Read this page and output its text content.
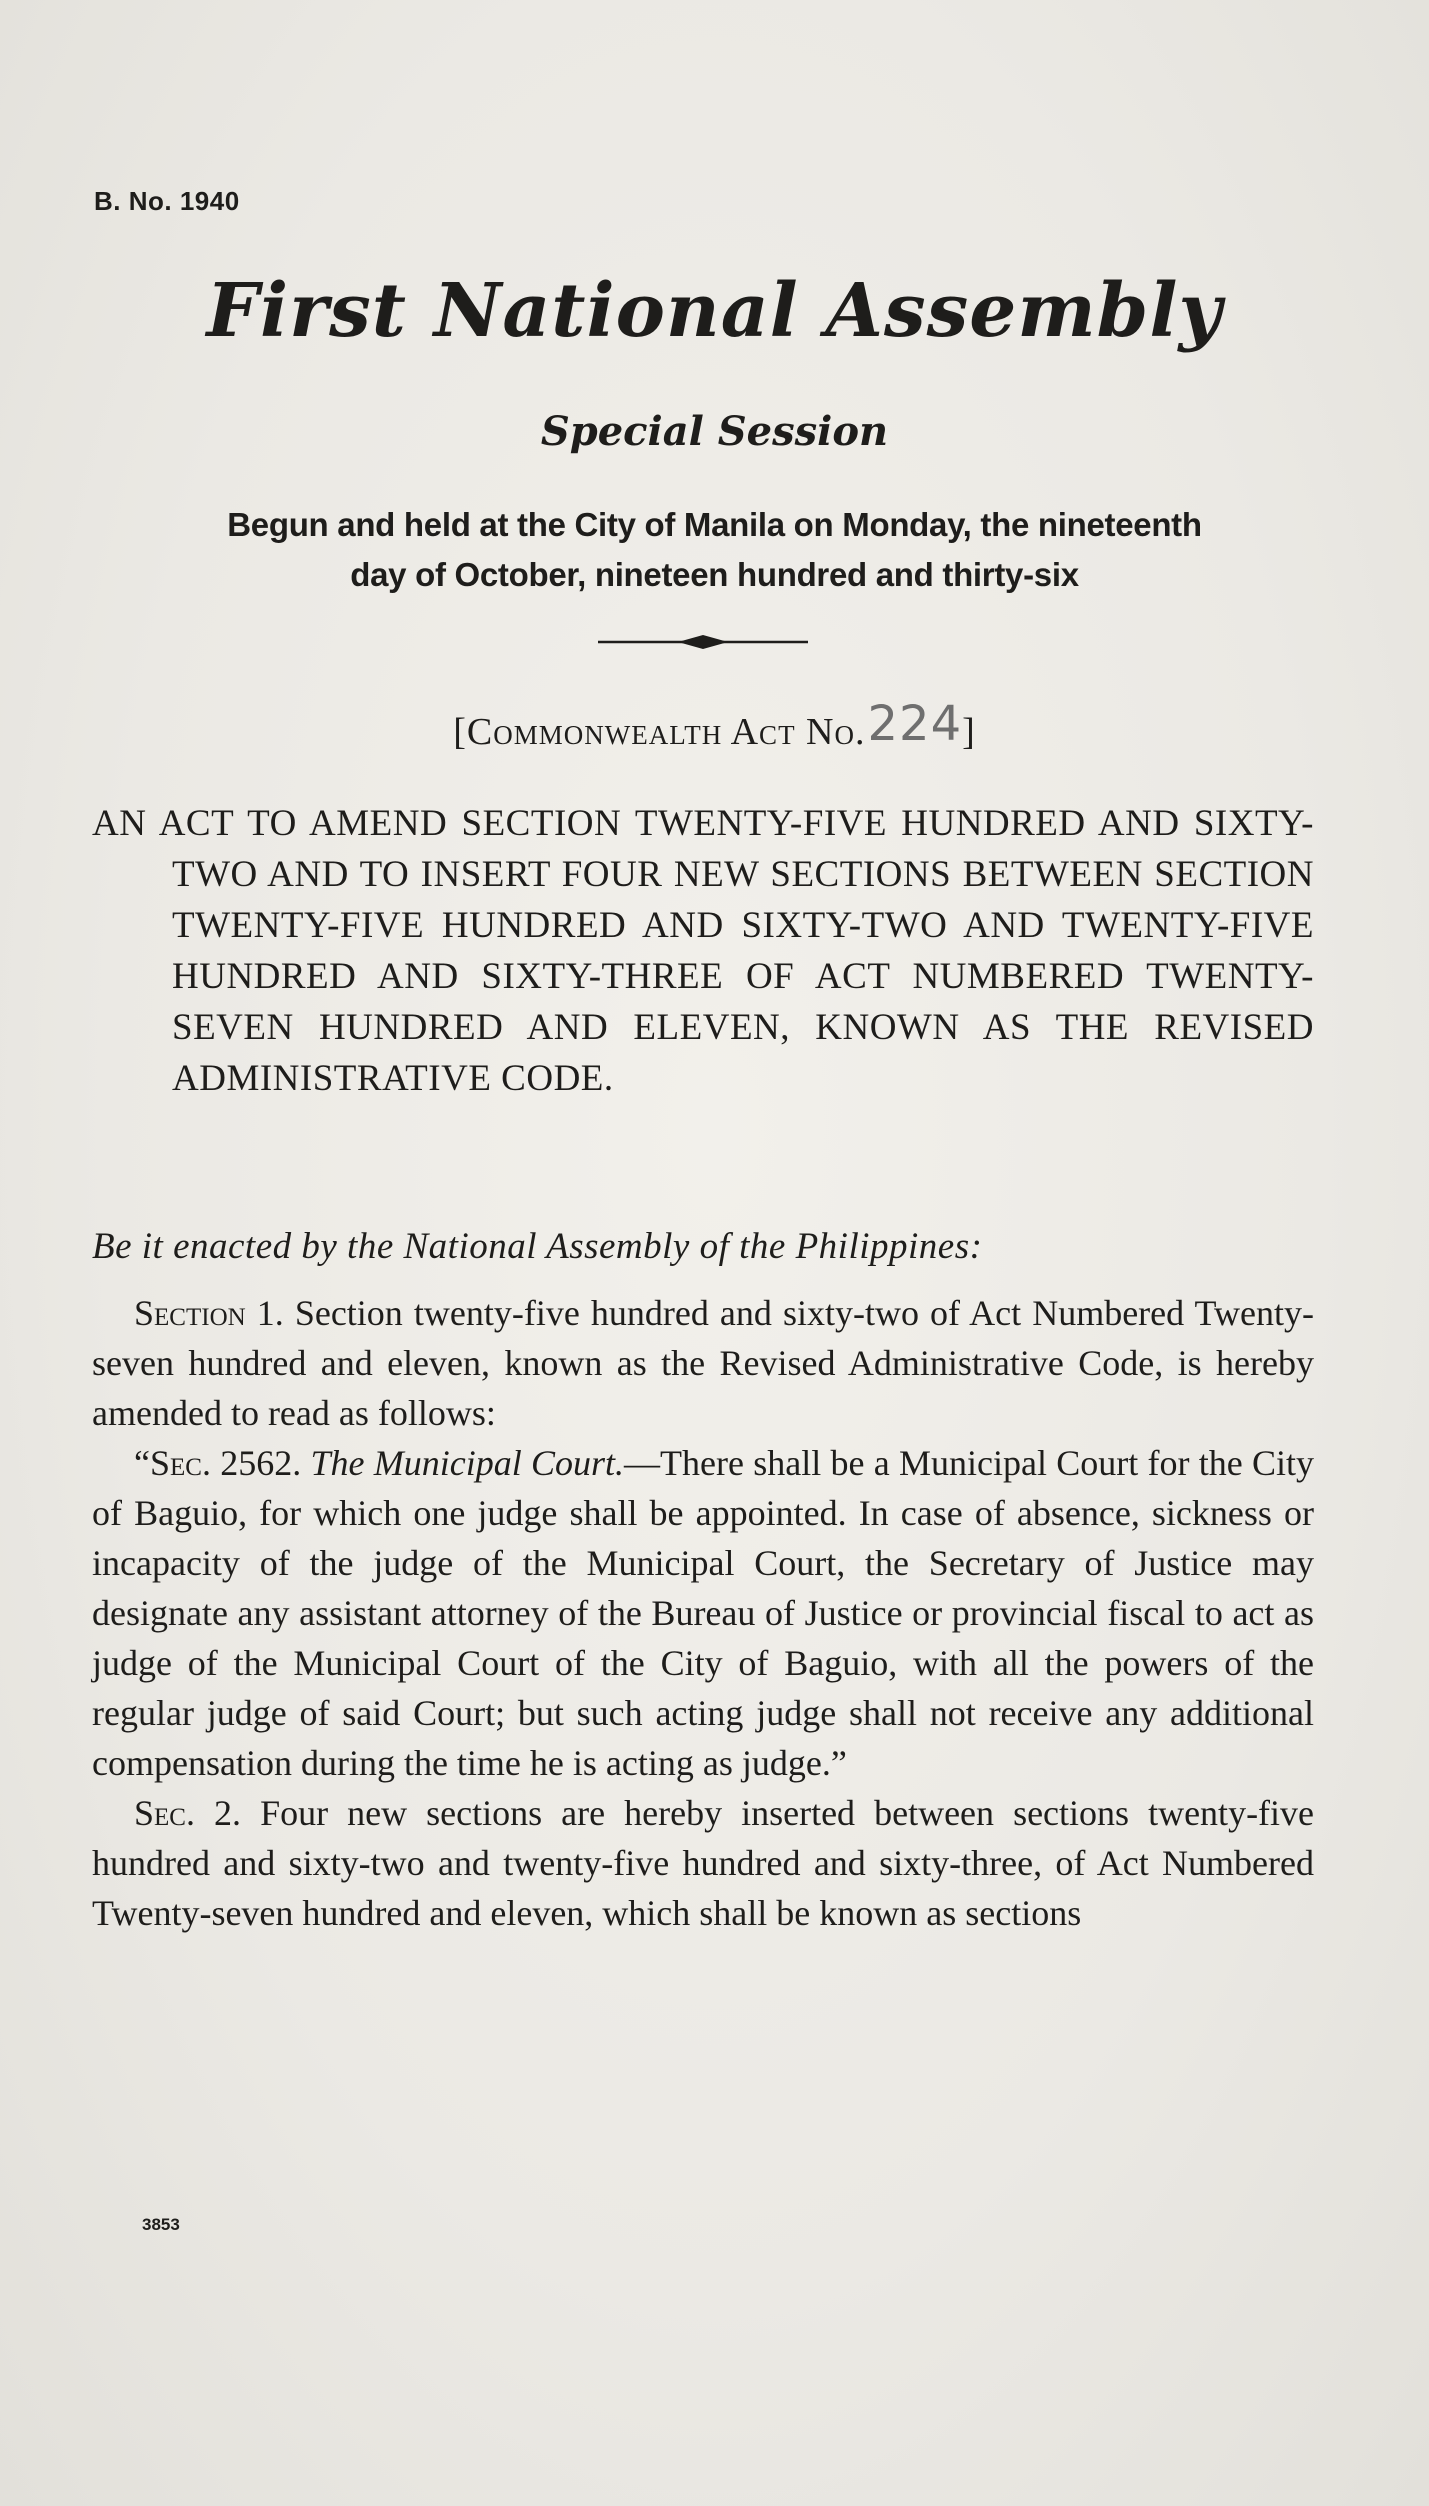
B. No. 1940
First National Assembly
Special Session
Begun and held at the City of Manila on Monday, the nineteenth
day of October, nineteen hundred and thirty-six
[Commonwealth Act No.224]
AN ACT TO AMEND SECTION TWENTY-FIVE HUNDRED AND SIXTY-TWO AND TO INSERT FOUR NEW SECTIONS BETWEEN SECTION TWENTY-FIVE HUNDRED AND SIXTY-TWO AND TWENTY-FIVE HUNDRED AND SIXTY-THREE OF ACT NUMBERED TWENTY-SEVEN HUNDRED AND ELEVEN, KNOWN AS THE REVISED ADMINISTRATIVE CODE.
Be it enacted by the National Assembly of the Philippines:

Section 1. Section twenty-five hundred and sixty-two of Act Numbered Twenty-seven hundred and eleven, known as the Revised Administrative Code, is hereby amended to read as follows:

“Sec. 2562. The Municipal Court.—There shall be a Municipal Court for the City of Baguio, for which one judge shall be appointed. In case of absence, sickness or incapacity of the judge of the Municipal Court, the Secretary of Justice may designate any assistant attorney of the Bureau of Justice or provincial fiscal to act as judge of the Municipal Court of the City of Baguio, with all the powers of the regular judge of said Court; but such acting judge shall not receive any additional compensation during the time he is acting as judge.”

Sec. 2. Four new sections are hereby inserted between sections twenty-five hundred and sixty-two and twenty-five hundred and sixty-three, of Act Numbered Twenty-seven hundred and eleven, which shall be known as sections

3853
